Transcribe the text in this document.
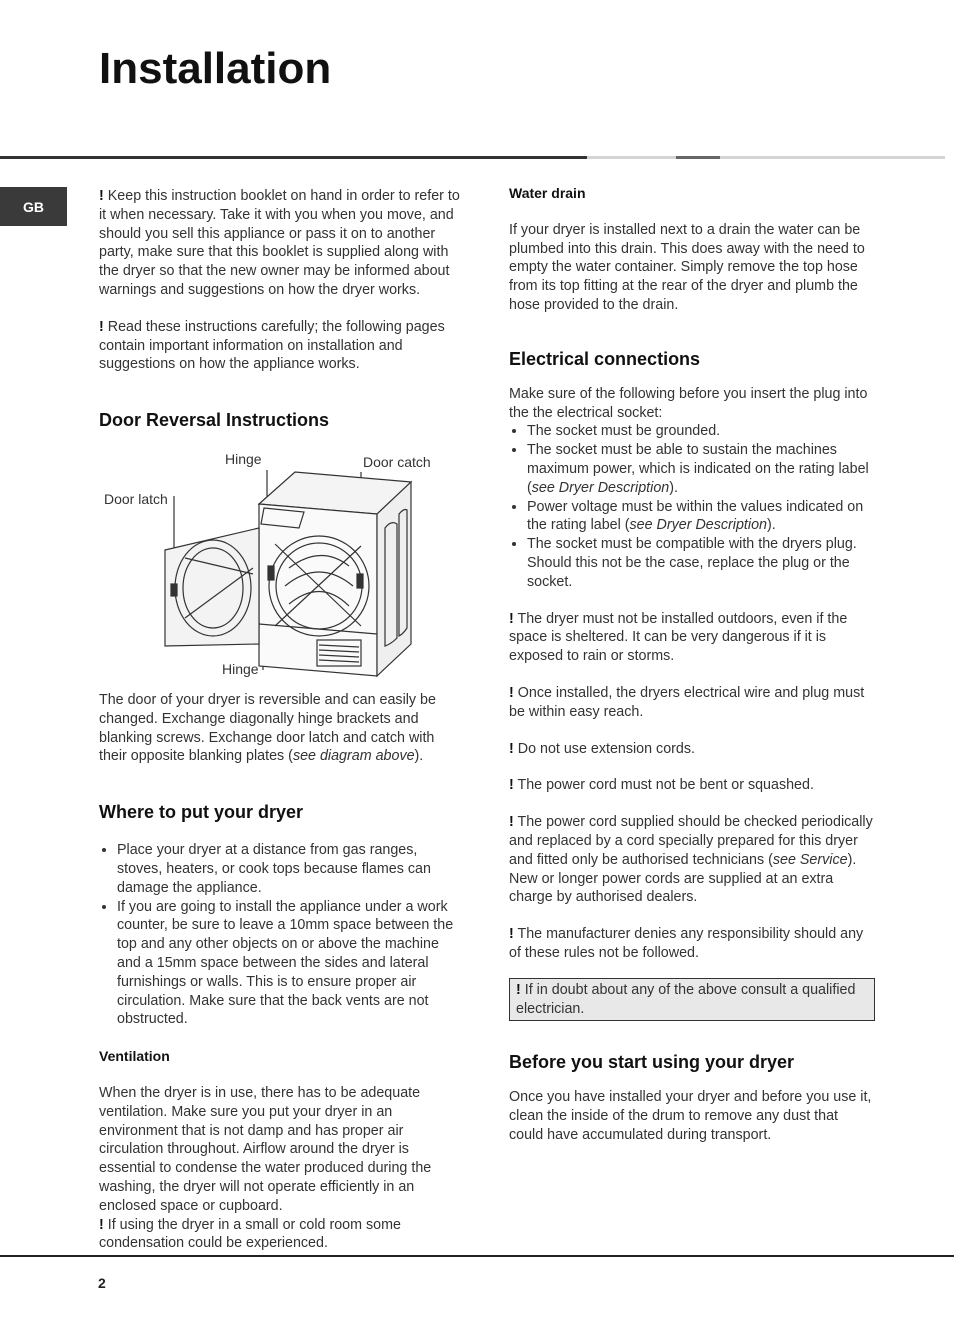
Installation
GB

! Keep this instruction booklet on hand in order to refer to it when necessary. Take it with you when you move, and should you sell this appliance or pass it on to another party, make sure that this booklet is supplied along with the dryer so that the new owner may be informed about warnings and suggestions on how the dryer works.

! Read these instructions carefully; the following pages contain important information on installation and suggestions on how the appliance works.

Door Reversal Instructions
Hinge	Door catch
Door latch
Hinge

The door of your dryer is reversible and can easily be changed. Exchange diagonally hinge brackets and blanking screws. Exchange door latch and catch with their opposite blanking plates (see diagram above).

Where to put your dryer
• Place your dryer at a distance from gas ranges, stoves, heaters, or cook tops because flames can damage the appliance.
• If you are going to install the appliance under a work counter, be sure to leave a 10mm space between the top and any other objects on or above the machine and a 15mm space between the sides and lateral furnishings or walls. This is to ensure proper air circulation. Make sure that the back vents are not obstructed.
Ventilation

When the dryer is in use, there has to be adequate ventilation. Make sure you put your dryer in an environment that is not damp and has proper air circulation throughout. Airflow around the dryer is essential to condense the water produced during the washing, the dryer will not operate efficiently in an enclosed space or cupboard.

! If using the dryer in a small or cold room some condensation could be experienced.

Water drain

If your dryer is installed next to a drain the water can be plumbed into this drain. This does away with the need to empty the water container. Simply remove the top hose from its top fitting at the rear of the dryer and plumb the hose provided to the drain.

Electrical connections

Make sure of the following before you insert the plug into the the electrical socket:

• The socket must be grounded.
• The socket must be able to sustain the machines maximum power, which is indicated on the rating label (see Dryer Description).
• Power voltage must be within the values indicated on the rating label (see Dryer Description).
• The socket must be compatible with the dryers plug. Should this not be the case, replace the plug or the socket.

! The dryer must not be installed outdoors, even if the space is sheltered. It can be very dangerous if it is exposed to rain or storms.

! Once installed, the dryers electrical wire and plug must be within easy reach.

! Do not use extension cords.

! The power cord must not be bent or squashed.

! The power cord supplied should be checked periodically and replaced by a cord specially prepared for this dryer and fitted only be authorised technicians (see Service). New or longer power cords are supplied at an extra charge by authorised dealers.

! The manufacturer denies any responsibility should any of these rules not be followed.

! If in doubt about any of the above consult a qualified electrician.
Before you start using your dryer

Once you have installed your dryer and before you use it, clean the inside of the drum to remove any dust that could have accumulated during transport.

2
